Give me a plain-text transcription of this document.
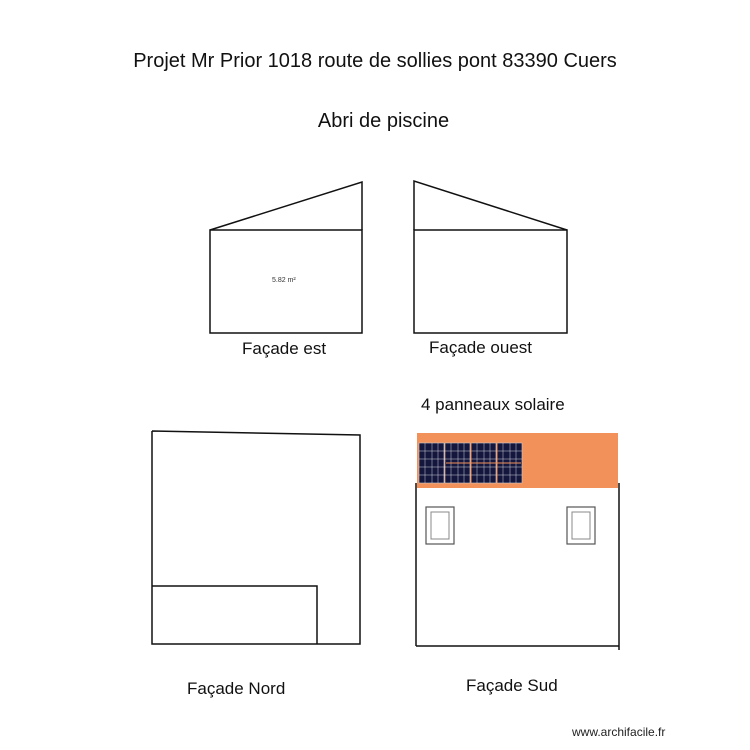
Projet Mr Prior 1018 route de sollies pont 83390 Cuers
Abri de piscine
5.82 m²
Façade est	Façade ouest
4 panneaux solaire
Façade Nord	Façade Sud
www.archifacile.fr
